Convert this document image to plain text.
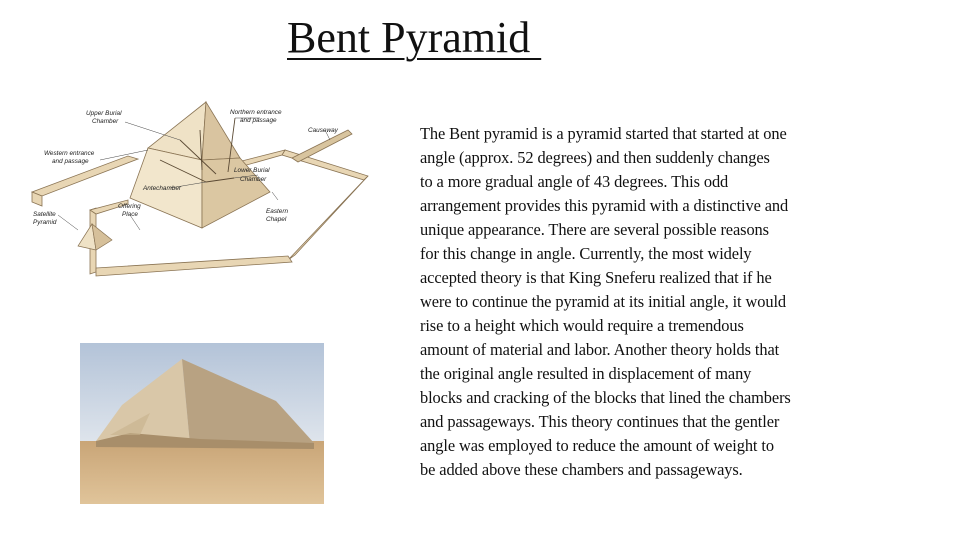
Bent Pyramid
Upper Burial
Chamber
Northern entrance
and passage
Causeway
Western entrance
and passage
Lower Burial
Chamber
Antechamber
Satellite
Pyramid
Offering
Place	Eastern
Chapel

The Bent pyramid is a pyramid started that started at one
angle (approx. 52 degrees) and then suddenly changes
to a more gradual angle of 43 degrees. This odd
arrangement provides this pyramid with a distinctive and
unique appearance. There are several possible reasons
for this change in angle. Currently, the most widely
accepted theory is that King Sneferu realized that if he
were to continue the pyramid at its initial angle, it would
rise to a height which would require a tremendous
amount of material and labor. Another theory holds that
the original angle resulted in displacement of many
blocks and cracking of the blocks that lined the chambers
and passageways. This theory continues that the gentler
angle was employed to reduce the amount of weight to
be added above these chambers and passageways.
